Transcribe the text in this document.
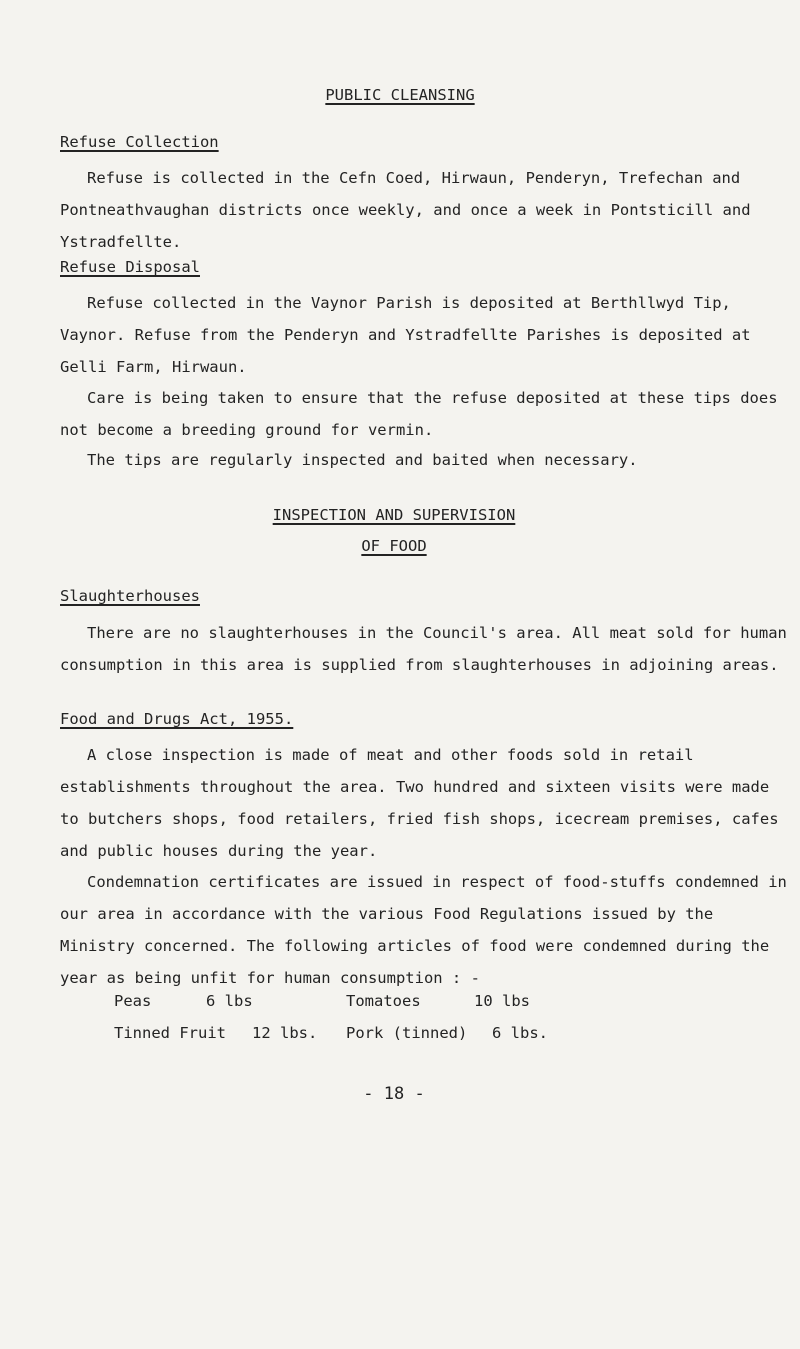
PUBLIC CLEANSING
Refuse Collection
Refuse is collected in the Cefn Coed, Hirwaun, Penderyn, Trefechan and Pontneathvaughan districts once weekly, and once a week in Pontsticill and Ystradfellte.
Refuse Disposal
Refuse collected in the Vaynor Parish is deposited at Berthllwyd Tip, Vaynor. Refuse from the Penderyn and Ystradfellte Parishes is deposited at Gelli Farm, Hirwaun.
Care is being taken to ensure that the refuse deposited at these tips does not become a breeding ground for vermin.
The tips are regularly inspected and baited when necessary.
INSPECTION AND SUPERVISION
OF FOOD
Slaughterhouses
There are no slaughterhouses in the Council's area. All meat sold for human consumption in this area is supplied from slaughterhouses in adjoining areas.
Food and Drugs Act, 1955.
A close inspection is made of meat and other foods sold in retail establishments throughout the area. Two hundred and sixteen visits were made to butchers shops, food retailers, fried fish shops, icecream premises, cafes and public houses during the year.
Condemnation certificates are issued in respect of food-stuffs condemned in our area in accordance with the various Food Regulations issued by the Ministry concerned. The following articles of food were condemned during the year as being unfit for human consumption : -
Peas	6 lbs	Tomatoes	10 lbs
Tinned Fruit 12 lbs. Pork (tinned) 6 lbs.
- 18 -
